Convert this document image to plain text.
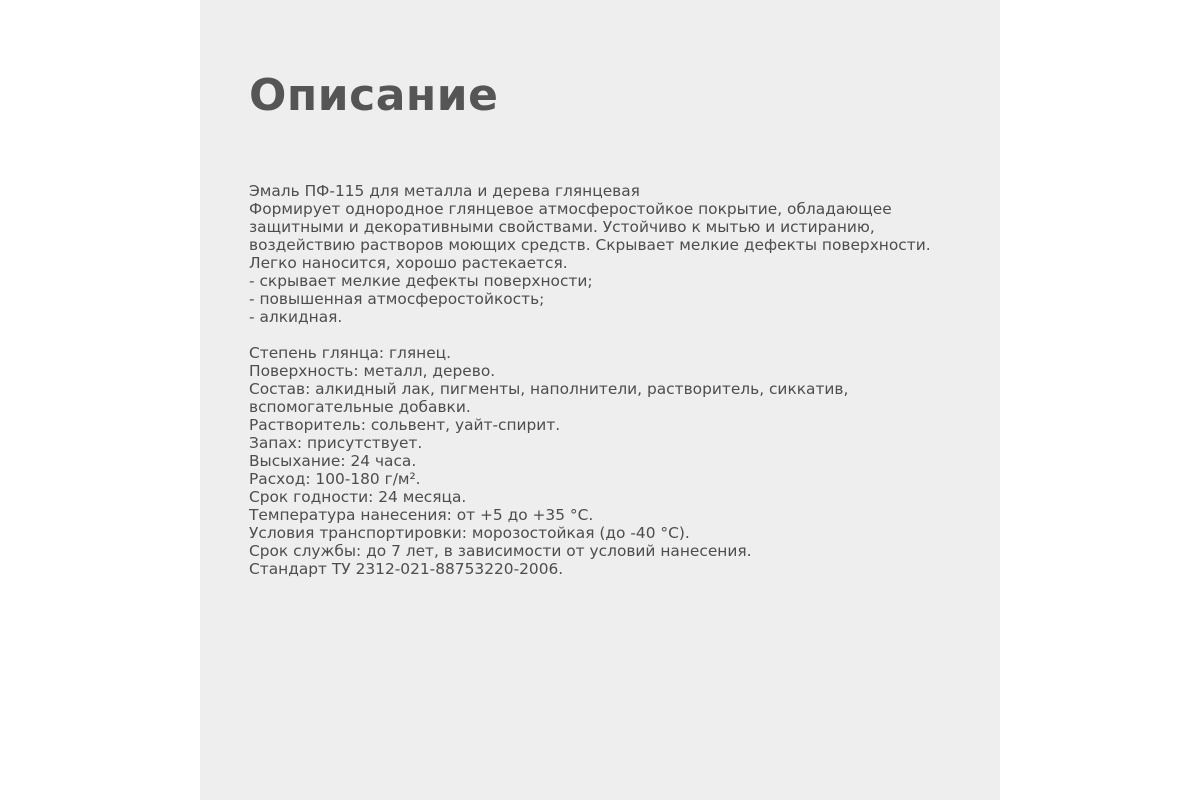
Описание
Эмаль ПФ-115 для металла и дерева глянцевая
Формирует однородное глянцевое атмосферостойкое покрытие, обладающее
защитными и декоративными свойствами. Устойчиво к мытью и истиранию,
воздействию растворов моющих средств. Скрывает мелкие дефекты поверхности.
Легко наносится, хорошо растекается.
- скрывает мелкие дефекты поверхности;
- повышенная атмосферостойкость;
- алкидная.
Степень глянца: глянец.
Поверхность: металл, дерево.
Состав: алкидный лак, пигменты, наполнители, растворитель, сиккатив,
вспомогательные добавки.
Растворитель: сольвент, уайт-спирит.
Запах: присутствует.
Высыхание: 24 часа.
Расход: 100-180 г/м².
Срок годности: 24 месяца.
Температура нанесения: от +5 до +35 °С.
Условия транспортировки: морозостойкая (до -40 °С).
Срок службы: до 7 лет, в зависимости от условий нанесения.
Стандарт ТУ 2312-021-88753220-2006.
